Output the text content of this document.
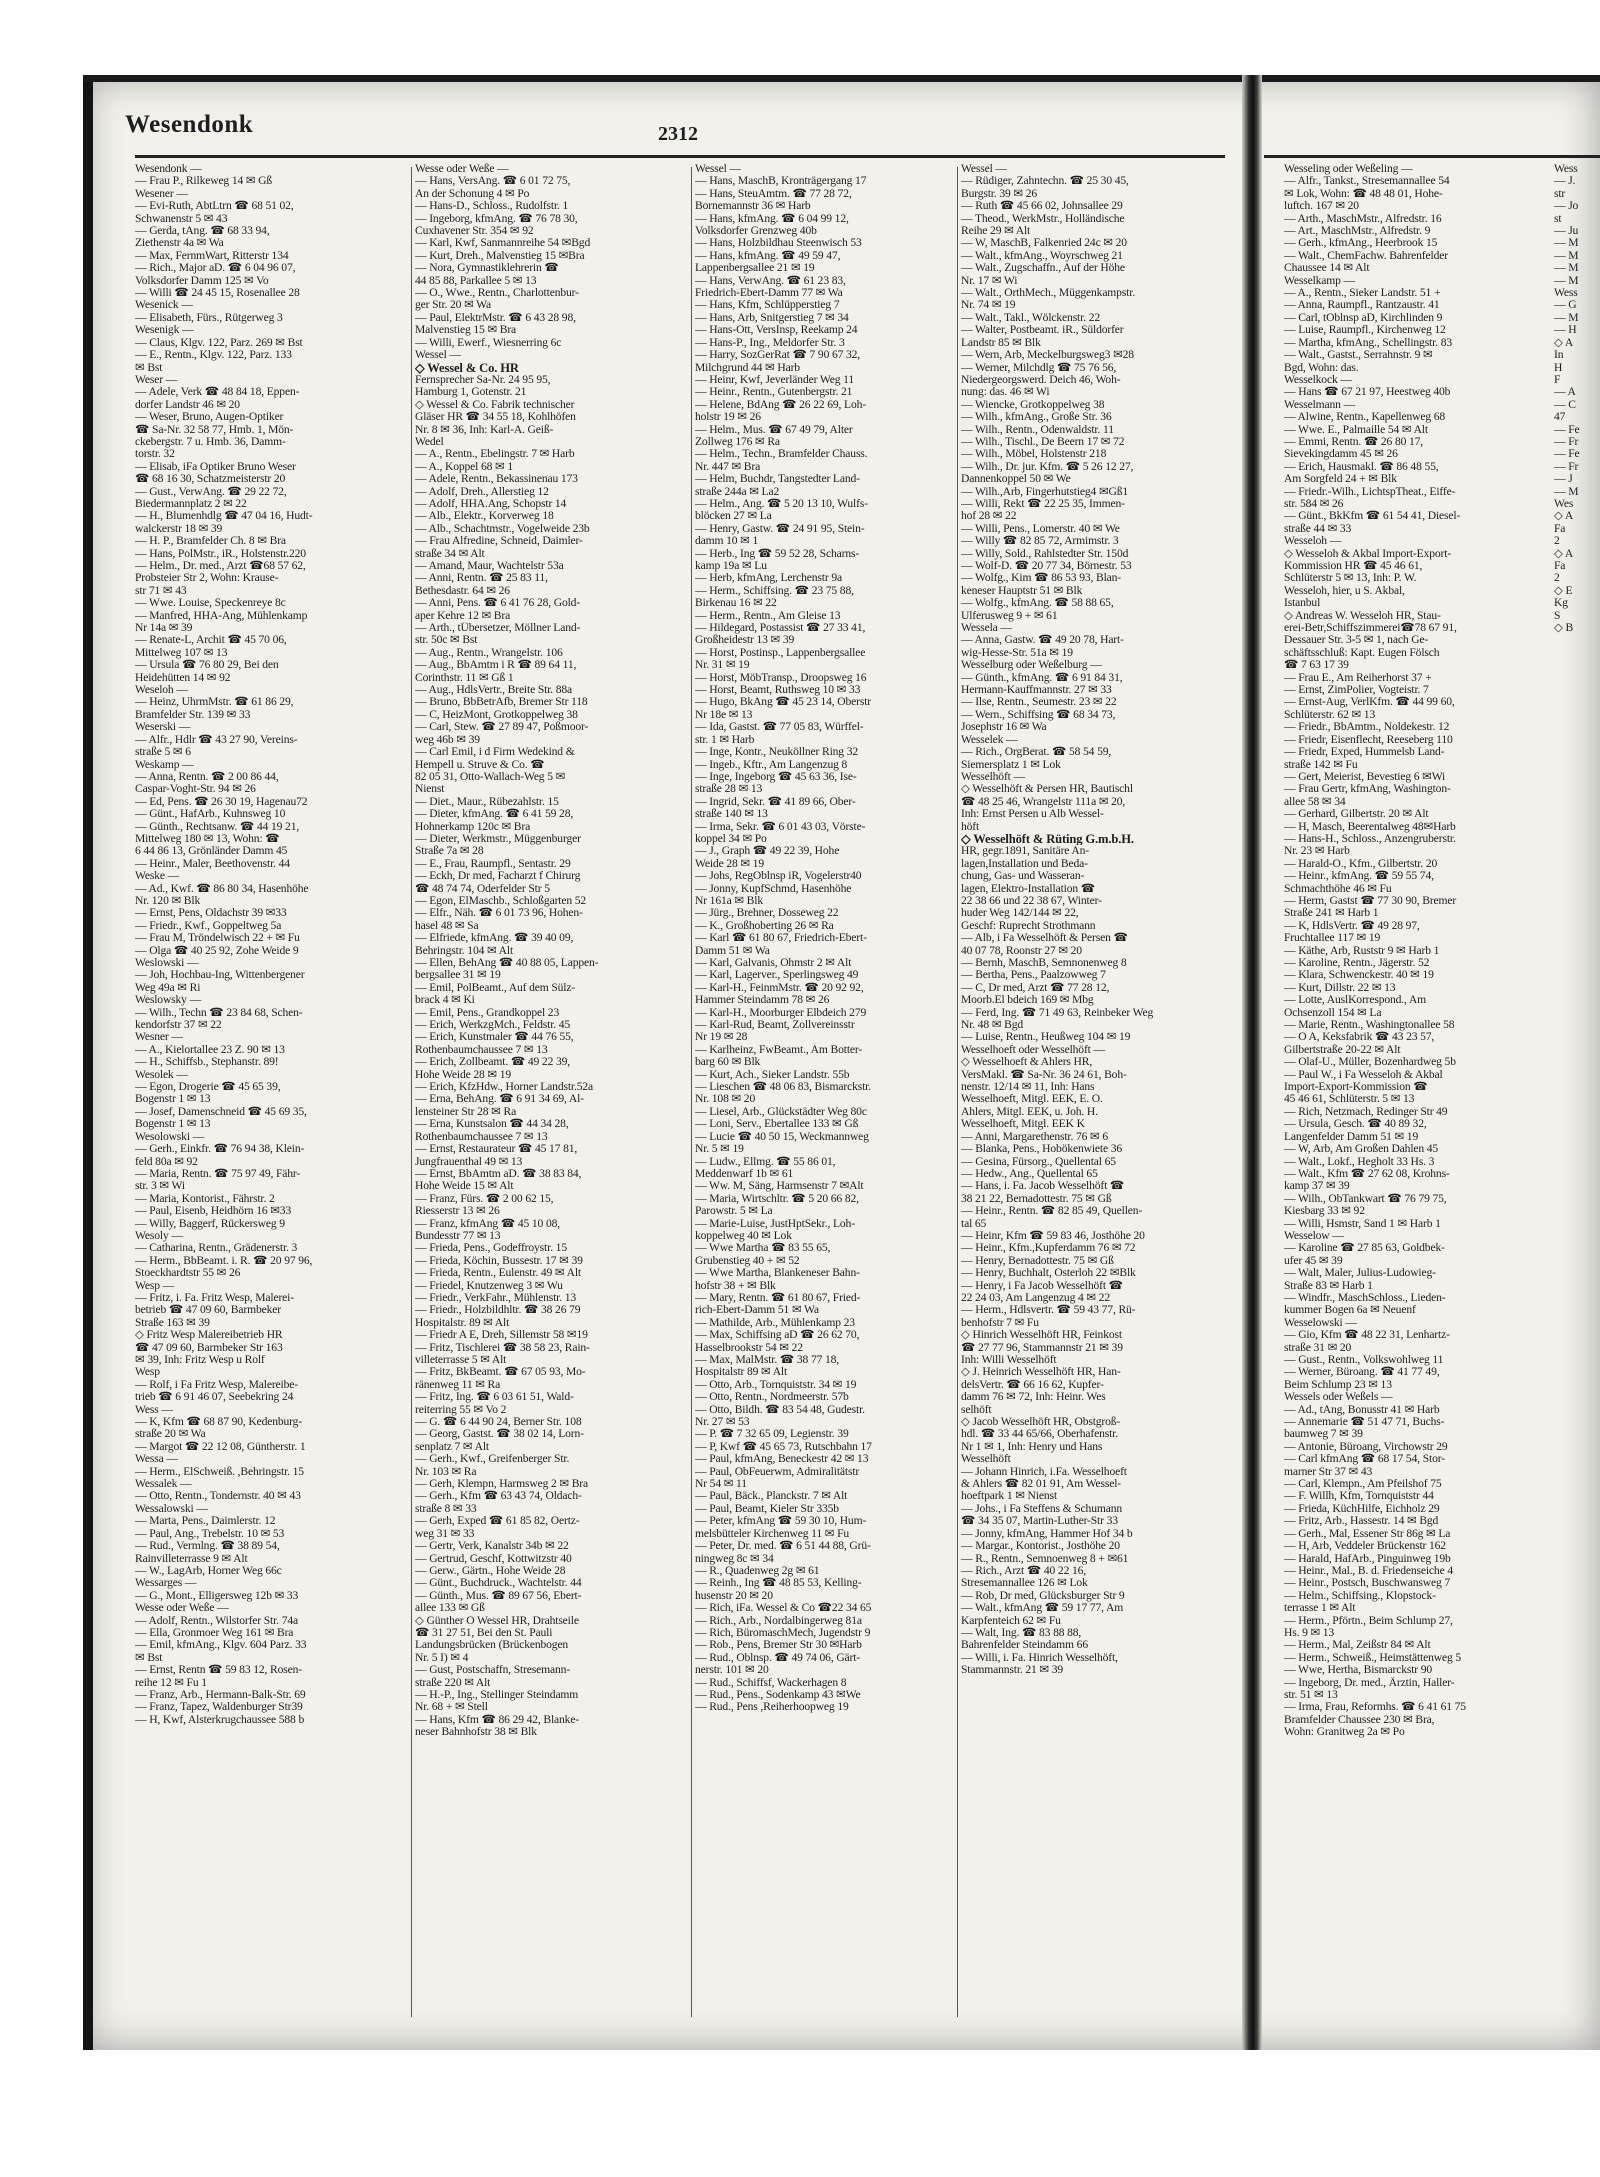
Wesendonk	2312
Wesendonk —
— Frau P., Rilkeweg 14 ✉ Gß
Wesener —
— Evi-Ruth, AbtLtrn ☎ 68 51 02,
Schwanenstr 5 ✉ 43
— Gerda, tAng. ☎ 68 33 94,
Ziethenstr 4a ✉ Wa
— Max, FernmWart, Ritterstr 134
— Rich., Major aD. ☎ 6 04 96 07,
Volksdorfer Damm 125 ✉ Vo
— Willi ☎ 24 45 15, Rosenallee 28
Wesenick —
— Elisabeth, Fürs., Rütgerweg 3
Wesenigk —
— Claus, Klgv. 122, Parz. 269 ✉ Bst
— E., Rentn., Klgv. 122, Parz. 133
✉ Bst
Weser —
— Adele, Verk ☎ 48 84 18, Eppen-
dorfer Landstr 46 ✉ 20
— Weser, Bruno, Augen-Optiker
☎ Sa-Nr. 32 58 77, Hmb. 1, Mön-
ckebergstr. 7 u. Hmb. 36, Damm-
torstr. 32
— Elisab, iFa Optiker Bruno Weser
☎ 68 16 30, Schatzmeisterstr 20
— Gust., VerwAng. ☎ 29 22 72,
Biedermannplatz 2 ✉ 22
— H., Blumenhdlg ☎ 47 04 16, Hudt-
walckerstr 18 ✉ 39
— H. P., Bramfelder Ch. 8 ✉ Bra
— Hans, PolMstr., iR., Holstenstr.220
— Helm., Dr. med., Arzt ☎68 57 62,
Probsteier Str 2, Wohn: Krause-
str 71 ✉ 43
— Wwe. Louise, Speckenreye 8c
— Manfred, HHA-Ang, Mühlenkamp
Nr 14a ✉ 39
— Renate-L, Archit ☎ 45 70 06,
Mittelweg 107 ✉ 13
— Ursula ☎ 76 80 29, Bei den
Heidehütten 14 ✉ 92
Weseloh —
— Heinz, UhrmMstr. ☎ 61 86 29,
Bramfelder Str. 139 ✉ 33
Weserski —
— Alfr., Hdlr ☎ 43 27 90, Vereins-
straße 5 ✉ 6
Weskamp —
— Anna, Rentn. ☎ 2 00 86 44,
Caspar-Voght-Str. 94 ✉ 26
— Ed, Pens. ☎ 26 30 19, Hagenau72
— Günt., HafArb., Kuhnsweg 10
— Günth., Rechtsanw. ☎ 44 19 21,
Mittelweg 180 ✉ 13, Wohn: ☎
6 44 86 13, Grönländer Damm 45
— Heinr., Maler, Beethovenstr. 44
Weske —
— Ad., Kwf. ☎ 86 80 34, Hasenhöhe
Nr. 120 ✉ Blk
— Ernst, Pens, Oldachstr 39 ✉33
— Friedr., Kwf., Goppeltweg 5a
— Frau M, Tröndelwisch 22 + ✉ Fu
— Olga ☎ 40 25 92, Zohe Weide 9
Weslowski —
— Joh, Hochbau-Ing, Wittenbergener
Weg 49a ✉ Ri
Weslowsky —
— Wilh., Techn ☎ 23 84 68, Schen-
kendorfstr 37 ✉ 22
Wesner —
— A., Kielortallee 23 Z. 90 ✉ 13
— H., Schiffsb., Stephanstr. 89!
Wesolek —
— Egon, Drogerie ☎ 45 65 39,
Bogenstr 1 ✉ 13
— Josef, Damenschneid ☎ 45 69 35,
Bogenstr 1 ✉ 13
Wesolowski —
— Gerh., Einkfr. ☎ 76 94 38, Klein-
feld 80a ✉ 92
— Maria, Rentn. ☎ 75 97 49, Fähr-
str. 3 ✉ Wi
— Maria, Kontorist., Fährstr. 2
— Paul, Eisenb, Heidhörn 16 ✉33
— Willy, Baggerf, Rückersweg 9
Wesoly —
— Catharina, Rentn., Grädenerstr. 3
— Herm., BbBeamt. i. R. ☎ 20 97 96,
Stoeckhardtstr 55 ✉ 26
Wesp —
— Fritz, i. Fa. Fritz Wesp, Malerei-
betrieb ☎ 47 09 60, Barmbeker
Straße 163 ✉ 39
◇ Fritz Wesp Malereibetrieb HR
☎ 47 09 60, Barmbeker Str 163
✉ 39, Inh: Fritz Wesp u Rolf
Wesp
— Rolf, i Fa Fritz Wesp, Malereibe-
trieb ☎ 6 91 46 07, Seebekring 24
Wess —
— K, Kfm ☎ 68 87 90, Kedenburg-
straße 20 ✉ Wa
— Margot ☎ 22 12 08, Güntherstr. 1
Wessa —
— Herm., ElSchweiß. ,Behringstr. 15
Wessalek —
— Otto, Rentn., Tondernstr. 40 ✉ 43
Wessalowski —
— Marta, Pens., Daimlerstr. 12
— Paul, Ang., Trebelstr. 10 ✉ 53
— Rud., Vermlng. ☎ 38 89 54,
Rainvilleterrasse 9 ✉ Alt
— W., LagArb, Horner Weg 66c
Wessarges —
— G., Mont., Elligersweg 12b ✉ 33
Wesse oder Weße —
— Adolf, Rentn., Wilstorfer Str. 74a
— Ella, Gronmoer Weg 161 ✉ Bra
— Emil, kfmAng., Klgv. 604 Parz. 33
✉ Bst
— Ernst, Rentn ☎ 59 83 12, Rosen-
reihe 12 ✉ Fu 1
— Franz, Arb., Hermann-Balk-Str. 69
— Franz, Tapez, Waldenburger Str39
— H, Kwf, Alsterkrugchaussee 588 b
Wesse oder Weße —
— Hans, VersAng. ☎ 6 01 72 75,
An der Schonung 4 ✉ Po
— Hans-D., Schloss., Rudolfstr. 1
— Ingeborg, kfmAng. ☎ 76 78 30,
Cuxhavener Str. 354 ✉ 92
— Karl, Kwf, Sanmannreihe 54 ✉Bgd
— Kurt, Dreh., Malvenstieg 15 ✉Bra
— Nora, Gymnastiklehrerin ☎
44 85 88, Parkallee 5 ✉ 13
— O., Wwe., Rentn., Charlottenbur-
ger Str. 20 ✉ Wa
— Paul, ElektrMstr. ☎ 6 43 28 98,
Malvenstieg 15 ✉ Bra
— Willi, Ewerf., Wiesnerring 6c
Wessel —
◇ Wessel & Co. HR
Fernsprecher Sa-Nr. 24 95 95,
Hamburg 1, Gotenstr. 21
◇ Wessel & Co. Fabrik technischer
Gläser HR ☎ 34 55 18, Kohlhöfen
Nr. 8 ✉ 36, Inh: Karl-A. Geiß-
Wedel
— A., Rentn., Ebelingstr. 7 ✉ Harb
— A., Koppel 68 ✉ 1
— Adele, Rentn., Bekassinenau 173
— Adolf, Dreh., Allerstieg 12
— Adolf, HHA.Ang, Schopstr 14
— Alb., Elektr., Korverweg 18
— Alb., Schachtmstr., Vogelweide 23b
— Frau Alfredine, Schneid, Daimler-
straße 34 ✉ Alt
— Amand, Maur, Wachtelstr 53a
— Anni, Rentn. ☎ 25 83 11,
Bethesdastr. 64 ✉ 26
— Anni, Pens. ☎ 6 41 76 28, Gold-
aper Kehre 12 ✉ Bra
— Arth., tÜbersetzer, Möllner Land-
str. 50c ✉ Bst
— Aug., Rentn., Wrangelstr. 106
— Aug., BbAmtm i R ☎ 89 64 11,
Corinthstr. 11 ✉ Gß 1
— Aug., HdlsVertr., Breite Str. 88a
— Bruno, BbBetrAfb, Bremer Str 118
— C, HeizMont, Grotkoppelweg 38
— Carl, Stew. ☎ 27 89 47, Poßmoor-
weg 46b ✉ 39
— Carl Emil, i d Firm Wedekind &
Hempell u. Struve & Co. ☎
82 05 31, Otto-Wallach-Weg 5 ✉
Nienst
— Diet., Maur., Rübezahlstr. 15
— Dieter, kfmAng. ☎ 6 41 59 28,
Hohnerkamp 120c ✉ Bra
— Dieter, Werkmstr., Müggenburger
Straße 7a ✉ 28
— E., Frau, Raumpfl., Sentastr. 29
— Eckh, Dr med, Facharzt f Chirurg
☎ 48 74 74, Oderfelder Str 5
— Egon, ElMaschb., Schloßgarten 52
— Elfr., Näh. ☎ 6 01 73 96, Hohen-
hasel 48 ✉ Sa
— Elfriede, kfmAng. ☎ 39 40 09,
Behringstr. 104 ✉ Alt
— Ellen, BehAng ☎ 40 88 05, Lappen-
bergsallee 31 ✉ 19
— Emil, PolBeamt., Auf dem Sülz-
brack 4 ✉ Ki
— Emil, Pens., Grandkoppel 23
— Erich, WerkzgMch., Feldstr. 45
— Erich, Kunstmaler ☎ 44 76 55,
Rothenbaumchaussee 7 ✉ 13
— Erich, Zollbeamt. ☎ 49 22 39,
Hohe Weide 28 ✉ 19
— Erich, KfzHdw., Horner Landstr.52a
— Erna, BehAng. ☎ 6 91 34 69, Al-
lensteiner Str 28 ✉ Ra
— Erna, Kunstsalon ☎ 44 34 28,
Rothenbaumchaussee 7 ✉ 13
— Ernst, Restaurateur ☎ 45 17 81,
Jungfrauenthal 49 ✉ 13
— Ernst, BbAmtm aD. ☎ 38 83 84,
Hohe Weide 15 ✉ Alt
— Franz, Fürs. ☎ 2 00 62 15,
Riesserstr 13 ✉ 26
— Franz, kfmAng ☎ 45 10 08,
Bundesstr 77 ✉ 13
— Frieda, Pens., Godeffroystr. 15
— Frieda, Köchin, Bussestr. 17 ✉ 39
— Frieda, Rentn., Eulenstr. 49 ✉ Alt
— Friedel, Knutzenweg 3 ✉ Wu
— Friedr., VerkFahr., Mühlenstr. 13
— Friedr., Holzbildhltr. ☎ 38 26 79
Hospitalstr. 89 ✉ Alt
— Friedr A E, Dreh, Sillemstr 58 ✉19
— Fritz, Tischlerei ☎ 38 58 23, Rain-
villeterrasse 5 ✉ Alt
— Fritz, BkBeamt. ☎ 67 05 93, Mo-
ränenweg 11 ✉ Ra
— Fritz, Ing. ☎ 6 03 61 51, Wald-
reiterring 55 ✉ Vo 2
— G. ☎ 6 44 90 24, Berner Str. 108
— Georg, Gastst. ☎ 38 02 14, Lorn-
senplatz 7 ✉ Alt
— Gerh., Kwf., Greifenberger Str.
Nr. 103 ✉ Ra
— Gerh, Klempn, Harmsweg 2 ✉ Bra
— Gerh., Kfm ☎ 63 43 74, Oldach-
straße 8 ✉ 33
— Gerh, Exped ☎ 61 85 82, Oertz-
weg 31 ✉ 33
— Gertr, Verk, Kanalstr 34b ✉ 22
— Gertrud, Geschf, Kottwitzstr 40
— Gerw., Gärtn., Hohe Weide 28
— Günt., Buchdruck., Wachtelstr. 44
— Günth., Mus. ☎ 89 67 56, Ebert-
allee 133 ✉ Gß
◇ Günther O Wessel HR, Drahtseile
☎ 31 27 51, Bei den St. Pauli
Landungsbrücken (Brückenbogen
Nr. 5 I) ✉ 4
— Gust, Postschaffn, Stresemann-
straße 220 ✉ Alt
— H.-P., Ing., Stellinger Steindamm
Nr. 68 + ✉ Stell
— Hans, Kfm ☎ 86 29 42, Blanke-
neser Bahnhofstr 38 ✉ Blk
Wessel —
— Hans, MaschB, Kronträgergang 17
— Hans, SteuAmtm. ☎ 77 28 72,
Bornemannstr 36 ✉ Harb
— Hans, kfmAng. ☎ 6 04 99 12,
Volksdorfer Grenzweg 40b
— Hans, Holzbildhau Steenwisch 53
— Hans, kfmAng. ☎ 49 59 47,
Lappenbergsallee 21 ✉ 19
— Hans, VerwAng. ☎ 61 23 83,
Friedrich-Ebert-Damm 77 ✉ Wa
— Hans, Kfm, Schlüpperstieg 7
— Hans, Arb, Snitgerstieg 7 ✉ 34
— Hans-Ott, VersInsp, Reekamp 24
— Hans-P., Ing., Meldorfer Str. 3
— Harry, SozGerRat ☎ 7 90 67 32,
Milchgrund 44 ✉ Harb
— Heinr, Kwf, Jeverländer Weg 11
— Heinr., Rentn., Gutenbergstr. 21
— Helene, BdAng ☎ 26 22 69, Loh-
holstr 19 ✉ 26
— Helm., Mus. ☎ 67 49 79, Alter
Zollweg 176 ✉ Ra
— Helm., Techn., Bramfelder Chauss.
Nr. 447 ✉ Bra
— Helm, Buchdr, Tangstedter Land-
straße 244a ✉ La2
— Helm., Ang. ☎ 5 20 13 10, Wulfs-
blöcken 27 ✉ La
— Henry, Gastw. ☎ 24 91 95, Stein-
damm 10 ✉ 1
— Herb., Ing ☎ 59 52 28, Scharns-
kamp 19a ✉ Lu
— Herb, kfmAng, Lerchenstr 9a
— Herm., Schiffsing. ☎ 23 75 88,
Birkenau 16 ✉ 22
— Herm., Rentn., Am Gleise 13
— Hildegard, Postassist ☎ 27 33 41,
Großheidestr 13 ✉ 39
— Horst, Postinsp., Lappenbergsallee
Nr. 31 ✉ 19
— Horst, MöbTransp., Droopsweg 16
— Horst, Beamt, Ruthsweg 10 ✉ 33
— Hugo, BkAng ☎ 45 23 14, Oberstr
Nr 18e ✉ 13
— Ida, Gastst. ☎ 77 05 83, Würffel-
str. 1 ✉ Harb
— Inge, Kontr., Neuköllner Ring 32
— Ingeb., Kftr., Am Langenzug 8
— Inge, Ingeborg ☎ 45 63 36, Ise-
straße 28 ✉ 13
— Ingrid, Sekr. ☎ 41 89 66, Ober-
straße 140 ✉ 13
— Irma, Sekr. ☎ 6 01 43 03, Vörste-
koppel 34 ✉ Po
— J., Graph ☎ 49 22 39, Hohe
Weide 28 ✉ 19
— Johs, RegOblnsp iR, Vogelerstr40
— Jonny, KupfSchmd, Hasenhöhe
Nr 161a ✉ Blk
— Jürg., Brehner, Dosseweg 22
— K., Großhoberting 26 ✉ Ra
— Karl ☎ 61 80 67, Friedrich-Ebert-
Damm 51 ✉ Wa
— Karl, Galvanis, Ohmstr 2 ✉ Alt
— Karl, Lagerver., Sperlingsweg 49
— Karl-H., FeinmMstr. ☎ 20 92 92,
Hammer Steindamm 78 ✉ 26
— Karl-H., Moorburger Elbdeich 279
— Karl-Rud, Beamt, Zollvereinsstr
Nr 19 ✉ 28
— Karlheinz, FwBeamt., Am Botter-
barg 60 ✉ Blk
— Kurt, Ach., Sieker Landstr. 55b
— Lieschen ☎ 48 06 83, Bismarckstr.
Nr. 108 ✉ 20
— Liesel, Arb., Glückstädter Weg 80c
— Loni, Serv., Ebertallee 133 ✉ Gß
— Lucie ☎ 40 50 15, Weckmannweg
Nr. 5 ✉ 19
— Ludw., Ellmg. ☎ 55 86 01,
Meddenwarf 1b ✉ 61
— Ww. M, Säng, Harmsenstr 7 ✉Alt
— Maria, Wirtschltr. ☎ 5 20 66 82,
Parowstr. 5 ✉ La
— Marie-Luise, JustHptSekr., Loh-
koppelweg 40 ✉ Lok
— Wwe Martha ☎ 83 55 65,
Grubenstieg 40 + ✉ 52
— Wwe Martha, Blankeneser Bahn-
hofstr 38 + ✉ Blk
— Mary, Rentn. ☎ 61 80 67, Fried-
rich-Ebert-Damm 51 ✉ Wa
— Mathilde, Arb., Mühlenkamp 23
— Max, Schiffsing aD ☎ 26 62 70,
Hasselbrookstr 54 ✉ 22
— Max, MalMstr. ☎ 38 77 18,
Hospitalstr 89 ✉ Alt
— Otto, Arb., Tornquiststr. 34 ✉ 19
— Otto, Rentn., Nordmeerstr. 57b
— Otto, Bildh. ☎ 83 54 48, Gudestr.
Nr. 27 ✉ 53
— P. ☎ 7 32 65 09, Legienstr. 39
— P, Kwf ☎ 45 65 73, Rutschbahn 17
— Paul, kfmAng, Beneckestr 42 ✉ 13
— Paul, ObFeuerwm, Admiralitätstr
Nr 54 ✉ 11
— Paul, Bäck., Planckstr. 7 ✉ Alt
— Paul, Beamt, Kieler Str 335b
— Peter, kfmAng ☎ 59 30 10, Hum-
melsbütteler Kirchenweg 11 ✉ Fu
— Peter, Dr. med. ☎ 6 51 44 88, Grü-
ningweg 8c ✉ 34
— R., Quadenweg 2g ✉ 61
— Reinh., Ing ☎ 48 85 53, Kelling-
husenstr 20 ✉ 20
— Rich, iFa. Wessel & Co ☎22 34 65
— Rich., Arb., Nordalbingerweg 81a
— Rich, BüromaschMech, Jugendstr 9
— Rob., Pens, Bremer Str 30 ✉Harb
— Rud., Oblnsp. ☎ 49 74 06, Gärt-
nerstr. 101 ✉ 20
— Rud., Schiffsf, Wackerhagen 8
— Rud., Pens., Sodenkamp 43 ✉We
— Rud., Pens ,Reiherhoopweg 19
Wessel —
— Rüdiger, Zahntechn. ☎ 25 30 45,
Burgstr. 39 ✉ 26
— Ruth ☎ 45 66 02, Johnsallee 29
— Theod., WerkMstr., Holländische
Reihe 29 ✉ Alt
— W, MaschB, Falkenried 24c ✉ 20
— Walt., kfmAng., Woyrschweg 21
— Walt., Zugschaffn., Auf der Höhe
Nr. 17 ✉ Wi
— Walt., OrthMech., Müggenkampstr.
Nr. 74 ✉ 19
— Walt., Takl., Wölckenstr. 22
— Walter, Postbeamt. iR., Süldorfer
Landstr 85 ✉ Blk
— Wern, Arb, Meckelburgsweg3 ✉28
— Werner, Milchdlg ☎ 75 76 56,
Niedergeorgswerd. Deich 46, Woh-
nung: das. 46 ✉ Wi
— Wiencke, Grotkoppelweg 38
— Wilh., kfmAng., Große Str. 36
— Wilh., Rentn., Odenwaldstr. 11
— Wilh., Tischl., De Beern 17 ✉ 72
— Wilh., Möbel, Holstenstr 218
— Wilh., Dr. jur. Kfm. ☎ 5 26 12 27,
Dannenkoppel 50 ✉ We
— Wilh.,Arb, Fingerhutstieg4 ✉Gß1
— Willi, Rekt ☎ 22 25 35, Immen-
hof 28 ✉ 22
— Willi, Pens., Lomerstr. 40 ✉ We
— Willy ☎ 82 85 72, Armimstr. 3
— Willy, Sold., Rahlstedter Str. 150d
— Wolf-D. ☎ 20 77 34, Börnestr. 53
— Wolfg., Kim ☎ 86 53 93, Blan-
keneser Hauptstr 51 ✉ Blk
— Wolfg., kfmAng. ☎ 58 88 65,
Ulferusweg 9 + ✉ 61
Wessela —
— Anna, Gastw. ☎ 49 20 78, Hart-
wig-Hesse-Str. 51a ✉ 19
Wesselburg oder Weßelburg —
— Günth., kfmAng. ☎ 6 91 84 31,
Hermann-Kauffmannstr. 27 ✉ 33
— Ilse, Rentn., Seumestr. 23 ✉ 22
— Wern., Schiffsing ☎ 68 34 73,
Josephstr 16 ✉ Wa
Wesselek —
— Rich., OrgBerat. ☎ 58 54 59,
Siemersplatz 1 ✉ Lok
Wesselhöft —
◇ Wesselhöft & Persen HR, Bautischl
☎ 48 25 46, Wrangelstr 111a ✉ 20,
Inh: Ernst Persen u Alb Wessel-
höft
◇ Wesselhöft & Rüting G.m.b.H.
HR, gegr.1891, Sanitäre An-
lagen,Installation und Beda-
chung, Gas- und Wasseran-
lagen, Elektro-Installation ☎
22 38 66 und 22 38 67, Winter-
huder Weg 142/144 ✉ 22,
Geschf: Ruprecht Strothmann
— Alb, i Fa Wesselhöft & Persen ☎
40 07 78, Roonstr 27 ✉ 20
— Bernh, MaschB, Semnonenweg 8
— Bertha, Pens., Paalzowweg 7
— C, Dr med, Arzt ☎ 77 28 12,
Moorb.El bdeich 169 ✉ Mbg
— Ferd, Ing. ☎ 71 49 63, Reinbeker Weg
Nr. 48 ✉ Bgd
— Luise, Rentn., Heußweg 104 ✉ 19
Wesselhoeft oder Wesselhöft —
◇ Wesselhoeft & Ahlers HR,
VersMakl. ☎ Sa-Nr. 36 24 61, Boh-
nenstr. 12/14 ✉ 11, Inh: Hans
Wesselhoeft, Mitgl. EEK, E. O.
Ahlers, Mitgl. EEK, u. Joh. H.
Wesselhoeft, Mitgl. EEK K
— Anni, Margarethenstr. 76 ✉ 6
— Blanka, Pens., Hobökenwiete 36
— Gesina, Fürsorg., Quellental 65
— Hedw., Ang., Quellental 65
— Hans, i. Fa. Jacob Wesselhöft ☎
38 21 22, Bernadottestr. 75 ✉ Gß
— Heinr., Rentn. ☎ 82 85 49, Quellen-
tal 65
— Heinr, Kfm ☎ 59 83 46, Josthöhe 20
— Heinr., Kfm.,Kupferdamm 76 ✉ 72
— Henry, Bernadottestr. 75 ✉ Gß
— Henry, Buchhalt, Osterloh 22 ✉Blk
— Henry, i Fa Jacob Wesselhöft ☎
22 24 03, Am Langenzug 4 ✉ 22
— Herm., Hdlsvertr. ☎ 59 43 77, Rü-
benhofstr 7 ✉ Fu
◇ Hinrich Wesselhöft HR, Feinkost
☎ 27 77 96, Stammannstr 21 ✉ 39
Inh: Willi Wesselhöft
◇ J. Heinrich Wesselhöft HR, Han-
delsVertr. ☎ 66 16 62, Kupfer-
damm 76 ✉ 72, Inh: Heinr. Wes
selhöft
◇ Jacob Wesselhöft HR, Obstgroß-
hdl. ☎ 33 44 65/66, Oberhafenstr.
Nr 1 ✉ 1, Inh: Henry und Hans
Wesselhöft
— Johann Hinrich, i.Fa. Wesselhoeft
& Ahlers ☎ 82 01 91, Am Wessel-
hoeftpark 1 ✉ Nienst
— Johs., i Fa Steffens & Schumann
☎ 34 35 07, Martin-Luther-Str 33
— Jonny, kfmAng, Hammer Hof 34 b
— Margar., Kontorist., Josthöhe 20
— R., Rentn., Semnoenweg 8 + ✉61
— Rich., Arzt ☎ 40 22 16,
Stresemannallee 126 ✉ Lok
— Rob, Dr med, Glücksburger Str 9
— Walt., kfmAng ☎ 59 17 77, Am
Karpfenteich 62 ✉ Fu
— Walt, Ing. ☎ 83 88 88,
Bahrenfelder Steindamm 66
— Willi, i. Fa. Hinrich Wesselhöft,
Stammannstr. 21 ✉ 39
Wesseling oder Weßeling —
— Alfr., Tankst., Stresemannallee 54
✉ Lok, Wohn: ☎ 48 48 01, Hohe-
luftch. 167 ✉ 20
— Arth., MaschMstr., Alfredstr. 16
— Art., MaschMstr., Alfredstr. 9
— Gerh., kfmAng., Heerbrook 15
— Walt., ChemFachw. Bahrenfelder
Chaussee 14 ✉ Alt
Wesselkamp —
— A., Rentn., Sieker Landstr. 51 +
— Anna, Raumpfl., Rantzaustr. 41
— Carl, tOblnsp aD, Kirchlinden 9
— Luise, Raumpfl., Kirchenweg 12
— Martha, kfmAng., Schellingstr. 83
— Walt., Gastst., Serrahnstr. 9 ✉
Bgd, Wohn: das.
Wesselkock —
— Hans ☎ 67 21 97, Heestweg 40b
Wesselmann —
— Alwine, Rentn., Kapellenweg 68
— Wwe. E., Palmaille 54 ✉ Alt
— Emmi, Rentn. ☎ 26 80 17,
Sievekingdamm 45 ✉ 26
— Erich, Hausmakl. ☎ 86 48 55,
Am Sorgfeld 24 + ✉ Blk
— Friedr.-Wilh., LichtspTheat., Eiffe-
str. 584 ✉ 26
— Günt., BkKfm ☎ 61 54 41, Diesel-
straße 44 ✉ 33
Wesseloh —
◇ Wesseloh & Akbal Import-Export-
Kommission HR ☎ 45 46 61,
Schlüterstr 5 ✉ 13, Inh: P. W.
Wesseloh, hier, u S. Akbal,
Istanbul
◇ Andreas W. Wesseloh HR, Stau-
erei-Betr,Schiffszimmerei☎78 67 91,
Dessauer Str. 3-5 ✉ 1, nach Ge-
schäftsschluß: Kapt. Eugen Fölsch
☎ 7 63 17 39
— Frau E., Am Reiherhorst 37 +
— Ernst, ZimPolier, Vogteistr. 7
— Ernst-Aug, VerlKfm. ☎ 44 99 60,
Schlüterstr. 62 ✉ 13
— Friedr., BbAmtm., Noldekestr. 12
— Friedr, Eisenflecht, Reeseberg 110
— Friedr, Exped, Hummelsb Land-
straße 142 ✉ Fu
— Gert, Meierist, Bevestieg 6 ✉Wi
— Frau Gertr, kfmAng, Washington-
allee 58 ✉ 34
— Gerhard, Gilbertstr. 20 ✉ Alt
— H, Masch, Beerentalweg 48✉Harb
— Hans-H., Schloss., Anzengruberstr.
Nr. 23 ✉ Harb
— Harald-O., Kfm., Gilbertstr. 20
— Heinr., kfmAng. ☎ 59 55 74,
Schmachthöhe 46 ✉ Fu
— Herm, Gastst ☎ 77 30 90, Bremer
Straße 241 ✉ Harb 1
— K, HdlsVertr. ☎ 49 28 97,
Fruchtallee 117 ✉ 19
— Käthe, Arb, Ruststr 9 ✉ Harb 1
— Karoline, Rentn., Jägerstr. 52
— Klara, Schwenckestr. 40 ✉ 19
— Kurt, Dillstr. 22 ✉ 13
— Lotte, AuslKorrespond., Am
Ochsenzoll 154 ✉ La
— Marie, Rentn., Washingtonallee 58
— O A, Keksfabrik ☎ 43 23 57,
Gilbertstraße 20-22 ✉ Alt
— Olaf-U., Müller, Bozenhardweg 5b
— Paul W., i Fa Wesseloh & Akbal
Import-Export-Kommission ☎
45 46 61, Schlüterstr. 5 ✉ 13
— Rich, Netzmach, Redinger Str 49
— Ursula, Gesch. ☎ 40 89 32,
Langenfelder Damm 51 ✉ 19
— W, Arb, Am Großen Dahlen 45
— Walt., Lokf., Hegholt 33 Hs. 3
— Walt., Kfm ☎ 27 62 08, Krohns-
kamp 37 ✉ 39
— Wilh., ObTankwart ☎ 76 79 75,
Kiesbarg 33 ✉ 92
— Willi, Hsmstr, Sand 1 ✉ Harb 1
Wesselow —
— Karoline ☎ 27 85 63, Goldbek-
ufer 45 ✉ 39
— Walt, Maler, Julius-Ludowieg-
Straße 83 ✉ Harb 1
— Windfr., MaschSchloss., Lieden-
kummer Bogen 6a ✉ Neuenf
Wesselowski —
— Gio, Kfm ☎ 48 22 31, Lenhartz-
straße 31 ✉ 20
— Gust., Rentn., Volkswohlweg 11
— Werner, Büroang. ☎ 41 77 49,
Beim Schlump 23 ✉ 13
Wessels oder Weßels —
— Ad., tAng, Bonusstr 41 ✉ Harb
— Annemarie ☎ 51 47 71, Buchs-
baumweg 7 ✉ 39
— Antonie, Büroang, Virchowstr 29
— Carl kfmAng ☎ 68 17 54, Stor-
marner Str 37 ✉ 43
— Carl, Klempn., Am Pfeilshof 75
— F. Willh, Kfm, Tornquiststr 44
— Frieda, KüchHilfe, Eichholz 29
— Fritz, Arb., Hassestr. 14 ✉ Bgd
— Gerh., Mal, Essener Str 86g ✉ La
— H, Arb, Veddeler Brückenstr 162
— Harald, HafArb., Pinguinweg 19b
— Heinr., Mal., B. d. Friedenseiche 4
— Heinr., Postsch, Buschwansweg 7
— Helm., Schiffsing., Klopstock-
terrasse 1 ✉ Alt
— Herm., Pförtn., Beim Schlump 27,
Hs. 9 ✉ 13
— Herm., Mal, Zeißstr 84 ✉ Alt
— Herm., Schweiß., Heimstättenweg 5
— Wwe, Hertha, Bismarckstr 90
— Ingeborg, Dr. med., Ärztin, Haller-
str. 51 ✉ 13
— Irma, Frau, Reformhs. ☎ 6 41 61 75
Bramfelder Chaussee 230 ✉ Bra,
Wohn: Granitweg 2a ✉ Po
Wess
— J.
str
— Jo
st
— Ju
— M
— M
— M
— M
Wess
— G
— M
— H
◇ A
In
H
F
— A
— C
47
— Fe
— Fr
— Fe
— Fr
— J
— M
Wes
◇ A
Fa
2
◇ A
Fa
2
◇ E
Kg
S
◇ B
